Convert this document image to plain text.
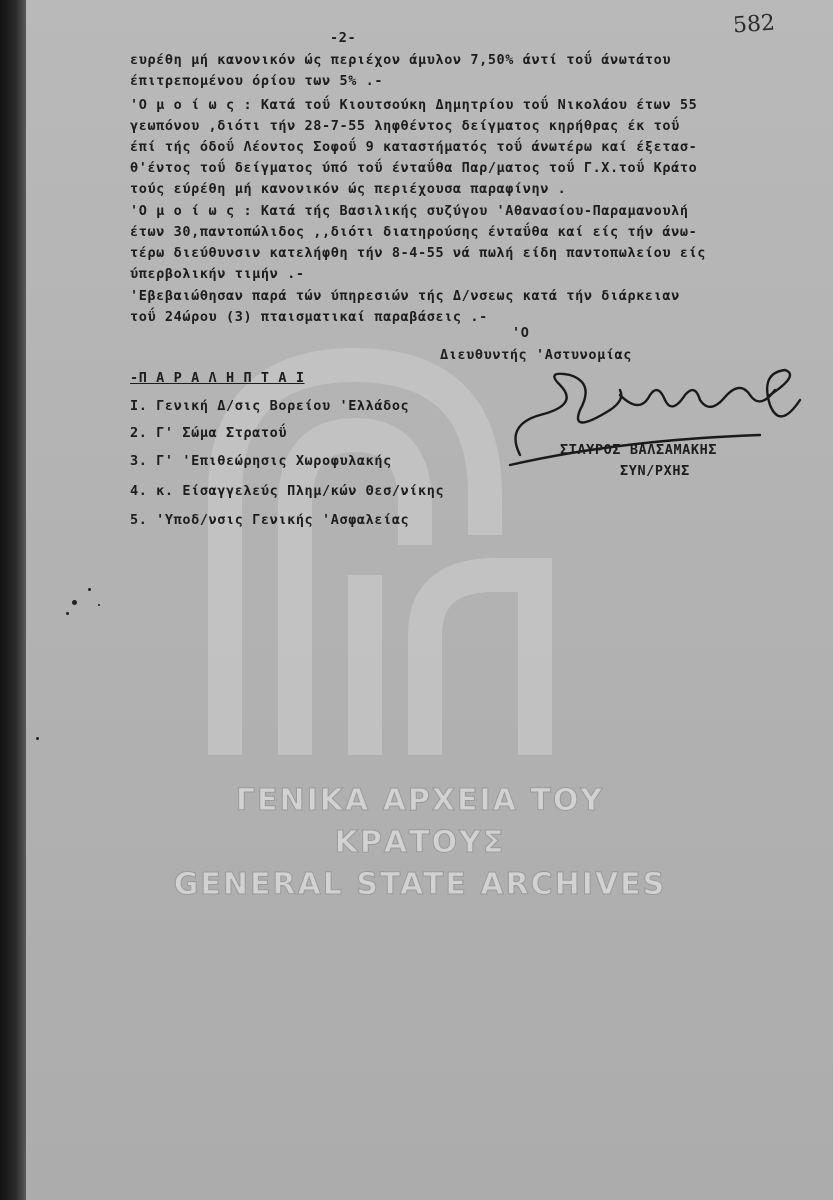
ΓΕΝΙΚΑ ΑΡΧΕΙΑ ΤΟΥ ΚΡΑΤΟΥΣ
GENERAL STATE ARCHIVES
582
-2-
ευρέθη μή κανονικόν ώς περιέχον άμυλον 7,50% άντί τοΰ άνωτάτου
έπιτρεπομένου όρίου των 5% .-
'Ο μ ο ί ω ς : Κατά τοΰ Κιουτσούκη Δημητρίου τοΰ Νικολάου έτων 55
γεωπόνου ,διότι τήν 28-7-55 ληφθέντος δείγματος κηρήθρας έκ τοΰ
έπί τής όδοΰ Λέοντος Σοφοΰ 9 καταστήματός τοΰ άνωτέρω καί έξετασ-
θ'έντος τοΰ δείγματος ύπό τοΰ ένταΰθα Παρ/ματος τοΰ Γ.Χ.τοΰ Κράτο
τούς εύρέθη μή κανονικόν ώς περιέχουσα παραφίνην .
'Ο μ ο ί ω ς : Κατά τής Βασιλικής συζύγου 'Αθανασίου-Παραμανουλή
έτων 30,παντοπώλιδος ,,διότι διατηρούσης ένταΰθα καί είς τήν άνω-
τέρω διεύθυνσιν κατελήφθη τήν 8-4-55 νά πωλή είδη παντοπωλείου είς
ύπερβολικήν τιμήν .-
'Εβεβαιώθησαν παρά τών ύπηρεσιών τής Δ/νσεως κατά τήν διάρκειαν
τοΰ 24ώρου (3) πταισματικαί παραβάσεις .-
'Ο
Διευθυντής 'Αστυνομίας
ΣΤΑΥΡΟΣ ΒΑΛΣΑΜΑΚΗΣ
ΣΥΝ/ΡΧΗΣ
-Π Α Ρ Α Λ Η Π Τ Α Ι
Ι. Γενική Δ/σις Βορείου 'Ελλάδος
2. Γ' Σώμα Στρατοΰ
3. Γ' 'Επιθεώρησις Χωροφυλακής
4. κ. Είσαγγελεύς Πλημ/κών Θεσ/νίκης
5. 'Υποδ/νσις Γενικής 'Ασφαλείας
